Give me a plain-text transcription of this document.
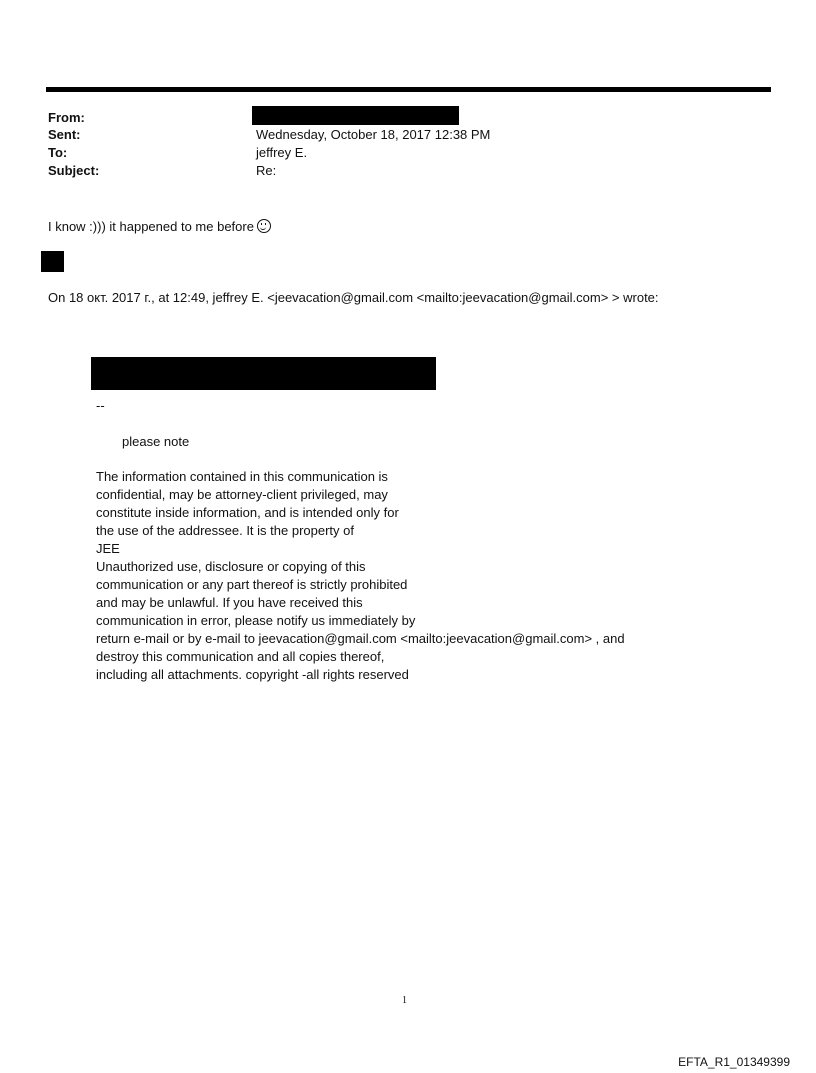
From:
Sent:	Wednesday, October 18, 2017 12:38 PM
To:	jeffrey E.
Subject:	Re:
I know :))) it happened to me before
On 18 окт. 2017 г., at 12:49, jeffrey E. <jeevacation@gmail.com <mailto:jeevacation@gmail.com> > wrote:
--
please note
The information contained in this communication is
confidential, may be attorney-client privileged, may
constitute inside information, and is intended only for
the use of the addressee. It is the property of
JEE
Unauthorized use, disclosure or copying of this
communication or any part thereof is strictly prohibited
and may be unlawful. If you have received this
communication in error, please notify us immediately by
return e-mail or by e-mail to jeevacation@gmail.com <mailto:jeevacation@gmail.com> , and
destroy this communication and all copies thereof,
including all attachments. copyright -all rights reserved
1
EFTA_R1_01349399
